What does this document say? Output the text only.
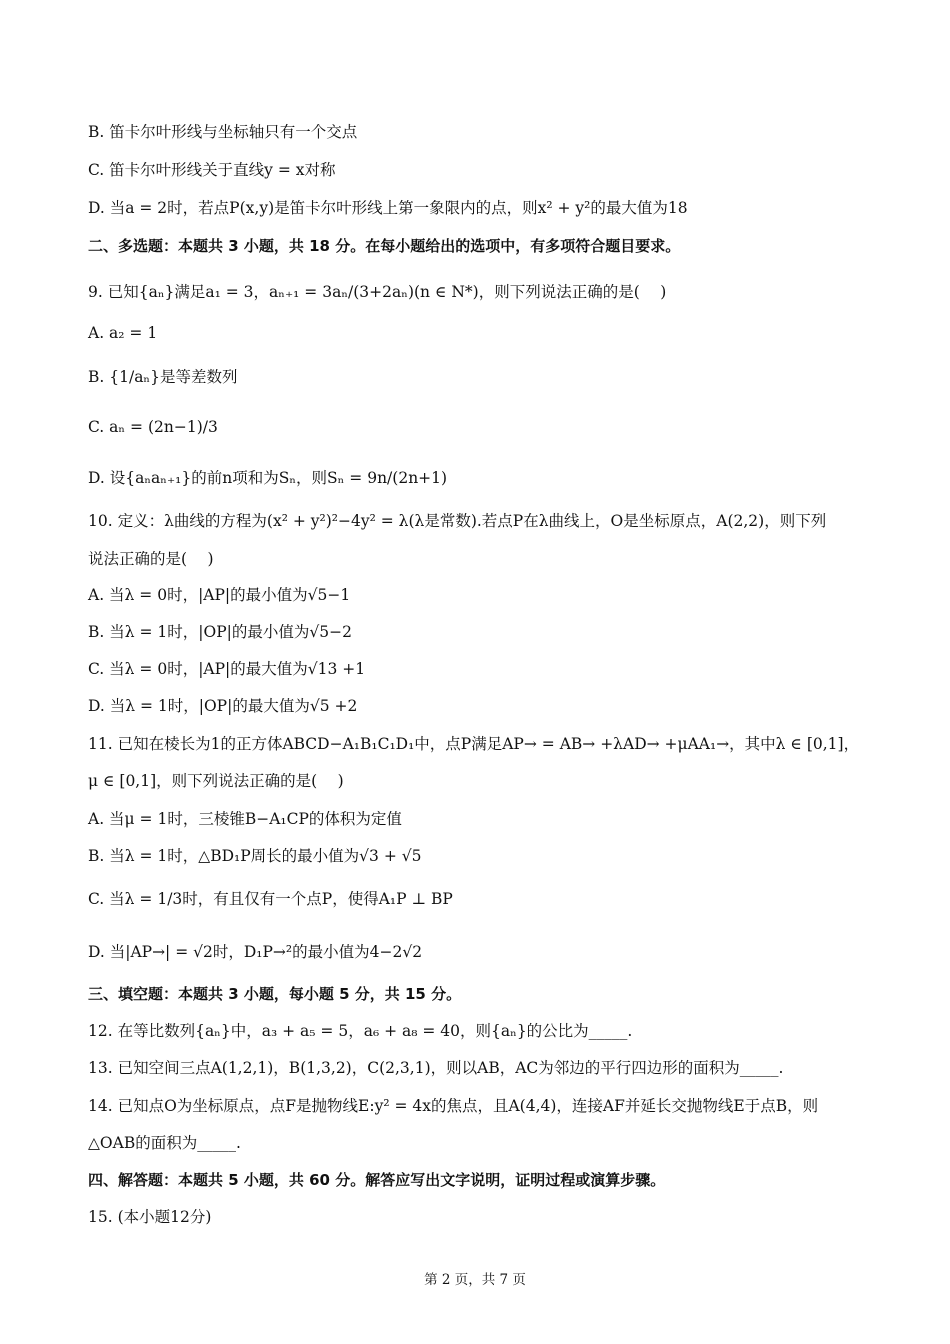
B. 笛卡尔叶形线与坐标轴只有一个交点
C. 笛卡尔叶形线关于直线y = x对称
D. 当a = 2时，若点P(x,y)是笛卡尔叶形线上第一象限内的点，则x² + y²的最大值为18
二、多选题：本题共 3 小题，共 18 分。在每小题给出的选项中，有多项符合题目要求。
9. 已知{aₙ}满足a₁ = 3，aₙ₊₁ = 3aₙ/(3+2aₙ)(n ∈ N*)，则下列说法正确的是(　 )
A. a₂ = 1
B. {1/aₙ}是等差数列
C. aₙ = (2n−1)/3
D. 设{aₙaₙ₊₁}的前n项和为Sₙ，则Sₙ = 9n/(2n+1)
10. 定义：λ曲线的方程为(x² + y²)²−4y² = λ(λ是常数).若点P在λ曲线上，O是坐标原点，A(2,2)，则下列
说法正确的是(　 )
A. 当λ = 0时，|AP|的最小值为√5−1
B. 当λ = 1时，|OP|的最小值为√5−2
C. 当λ = 0时，|AP|的最大值为√13 +1
D. 当λ = 1时，|OP|的最大值为√5 +2
11. 已知在棱长为1的正方体ABCD−A₁B₁C₁D₁中，点P满足AP→ = AB→ +λAD→ +μAA₁→，其中λ ∈ [0,1]，
μ ∈ [0,1]，则下列说法正确的是(　 )
A. 当μ = 1时，三棱锥B−A₁CP的体积为定值
B. 当λ = 1时，△BD₁P周长的最小值为√3 + √5
C. 当λ = 1/3时，有且仅有一个点P，使得A₁P ⊥ BP
D. 当|AP→| = √2时，D₁P→²的最小值为4−2√2
三、填空题：本题共 3 小题，每小题 5 分，共 15 分。
12. 在等比数列{aₙ}中，a₃ + a₅ = 5，a₆ + a₈ = 40，则{aₙ}的公比为_____.
13. 已知空间三点A(1,2,1)，B(1,3,2)，C(2,3,1)，则以AB，AC为邻边的平行四边形的面积为_____.
14. 已知点O为坐标原点，点F是抛物线E:y² = 4x的焦点，且A(4,4)，连接AF并延长交抛物线E于点B，则
△OAB的面积为_____.
四、解答题：本题共 5 小题，共 60 分。解答应写出文字说明，证明过程或演算步骤。
15. (本小题12分)
第 2 页，共 7 页
